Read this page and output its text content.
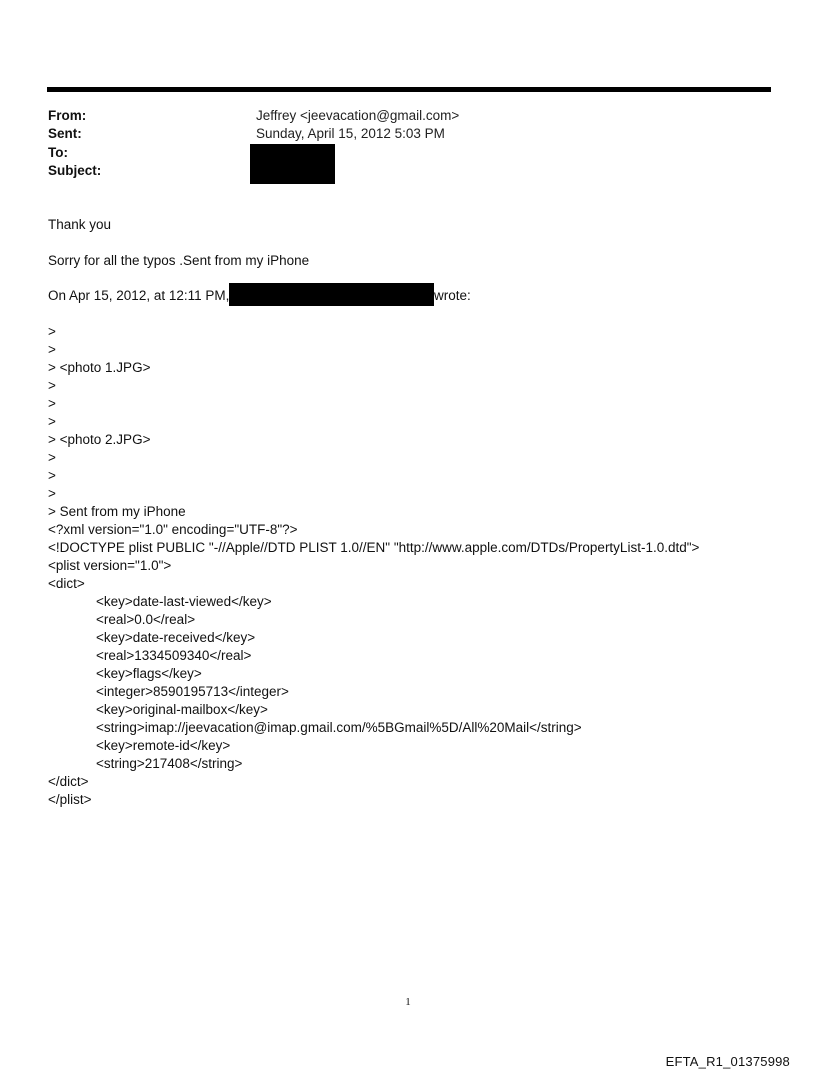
From:	Jeffrey <jeevacation@gmail.com>
Sent:	Sunday, April 15, 2012 5:03 PM
To:
Subject:
Thank you
Sorry for all the typos .Sent from my iPhone
On Apr 15, 2012, at 12:11 PM,	wrote:
>
>
> <photo 1.JPG>
>
>
>
> <photo 2.JPG>
>
>
>
> Sent from my iPhone
<?xml version="1.0" encoding="UTF-8"?>
<!DOCTYPE plist PUBLIC "-//Apple//DTD PLIST 1.0//EN" "http://www.apple.com/DTDs/PropertyList-1.0.dtd">
<plist version="1.0">
<dict>
<key>date-last-viewed</key>
<real>0.0</real>
<key>date-received</key>
<real>1334509340</real>
<key>flags</key>
<integer>8590195713</integer>
<key>original-mailbox</key>
<string>imap://jeevacation@imap.gmail.com/%5BGmail%5D/All%20Mail</string>
<key>remote-id</key>
<string>217408</string>
</dict>
</plist>
1
EFTA_R1_01375998
